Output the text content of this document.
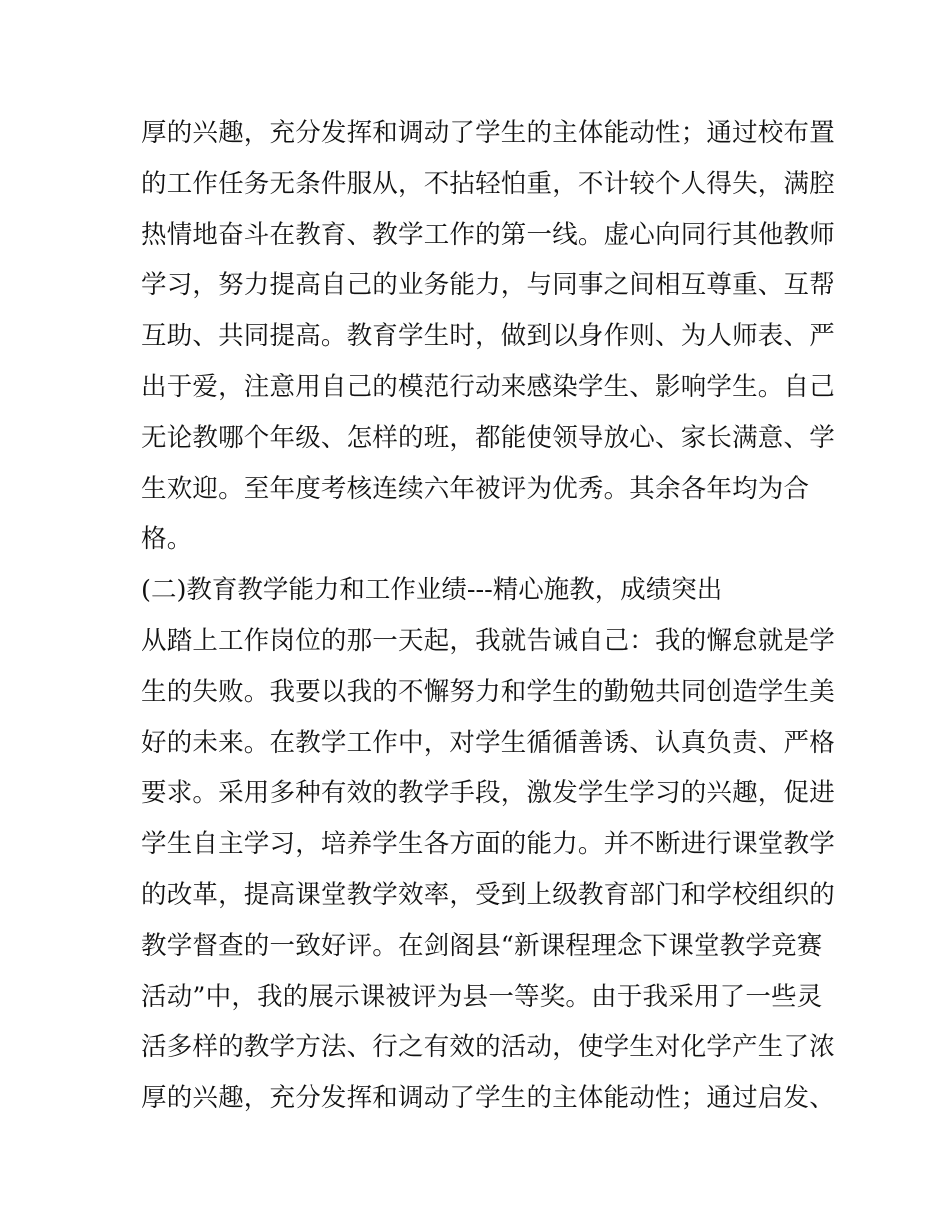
厚的兴趣，充分发挥和调动了学生的主体能动性；通过校布置
的工作任务无条件服从，不拈轻怕重，不计较个人得失，满腔
热情地奋斗在教育、教学工作的第一线。虚心向同行其他教师
学习，努力提高自己的业务能力，与同事之间相互尊重、互帮
互助、共同提高。教育学生时，做到以身作则、为人师表、严
出于爱，注意用自己的模范行动来感染学生、影响学生。自己
无论教哪个年级、怎样的班，都能使领导放心、家长满意、学
生欢迎。至年度考核连续六年被评为优秀。其余各年均为合
格。
(二)教育教学能力和工作业绩---精心施教，成绩突出
从踏上工作岗位的那一天起，我就告诫自己：我的懈怠就是学
生的失败。我要以我的不懈努力和学生的勤勉共同创造学生美
好的未来。在教学工作中，对学生循循善诱、认真负责、严格
要求。采用多种有效的教学手段，激发学生学习的兴趣，促进
学生自主学习，培养学生各方面的能力。并不断进行课堂教学
的改革，提高课堂教学效率，受到上级教育部门和学校组织的
教学督查的一致好评。在剑阁县“新课程理念下课堂教学竞赛
活动”中，我的展示课被评为县一等奖。由于我采用了一些灵
活多样的教学方法、行之有效的活动，使学生对化学产生了浓
厚的兴趣，充分发挥和调动了学生的主体能动性；通过启发、
